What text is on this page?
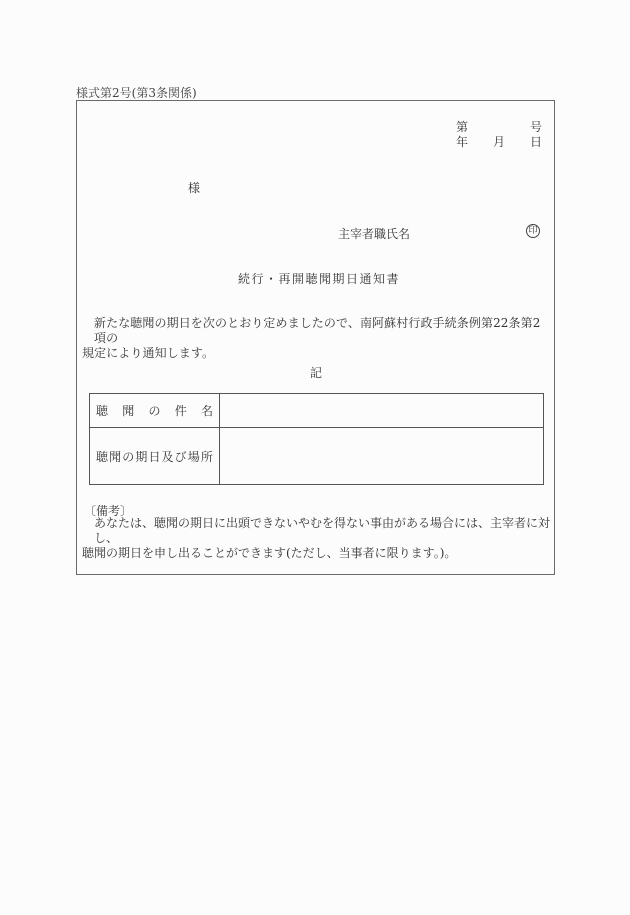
様式第2号(第3条関係)
第	号
年 月 日
様
主宰者職氏名	印
続行・再開聴聞期日通知書
新たな聴聞の期日を次のとおり定めましたので、南阿蘇村行政手続条例第22条第2項の
規定により通知します。
記
聴 聞 の 件 名	

聴 聞 の 期 日 及 び 場 所

〔備考〕
あなたは、聴聞の期日に出頭できないやむを得ない事由がある場合には、主宰者に対し、
聴聞の期日を申し出ることができます(ただし、当事者に限ります。)。
